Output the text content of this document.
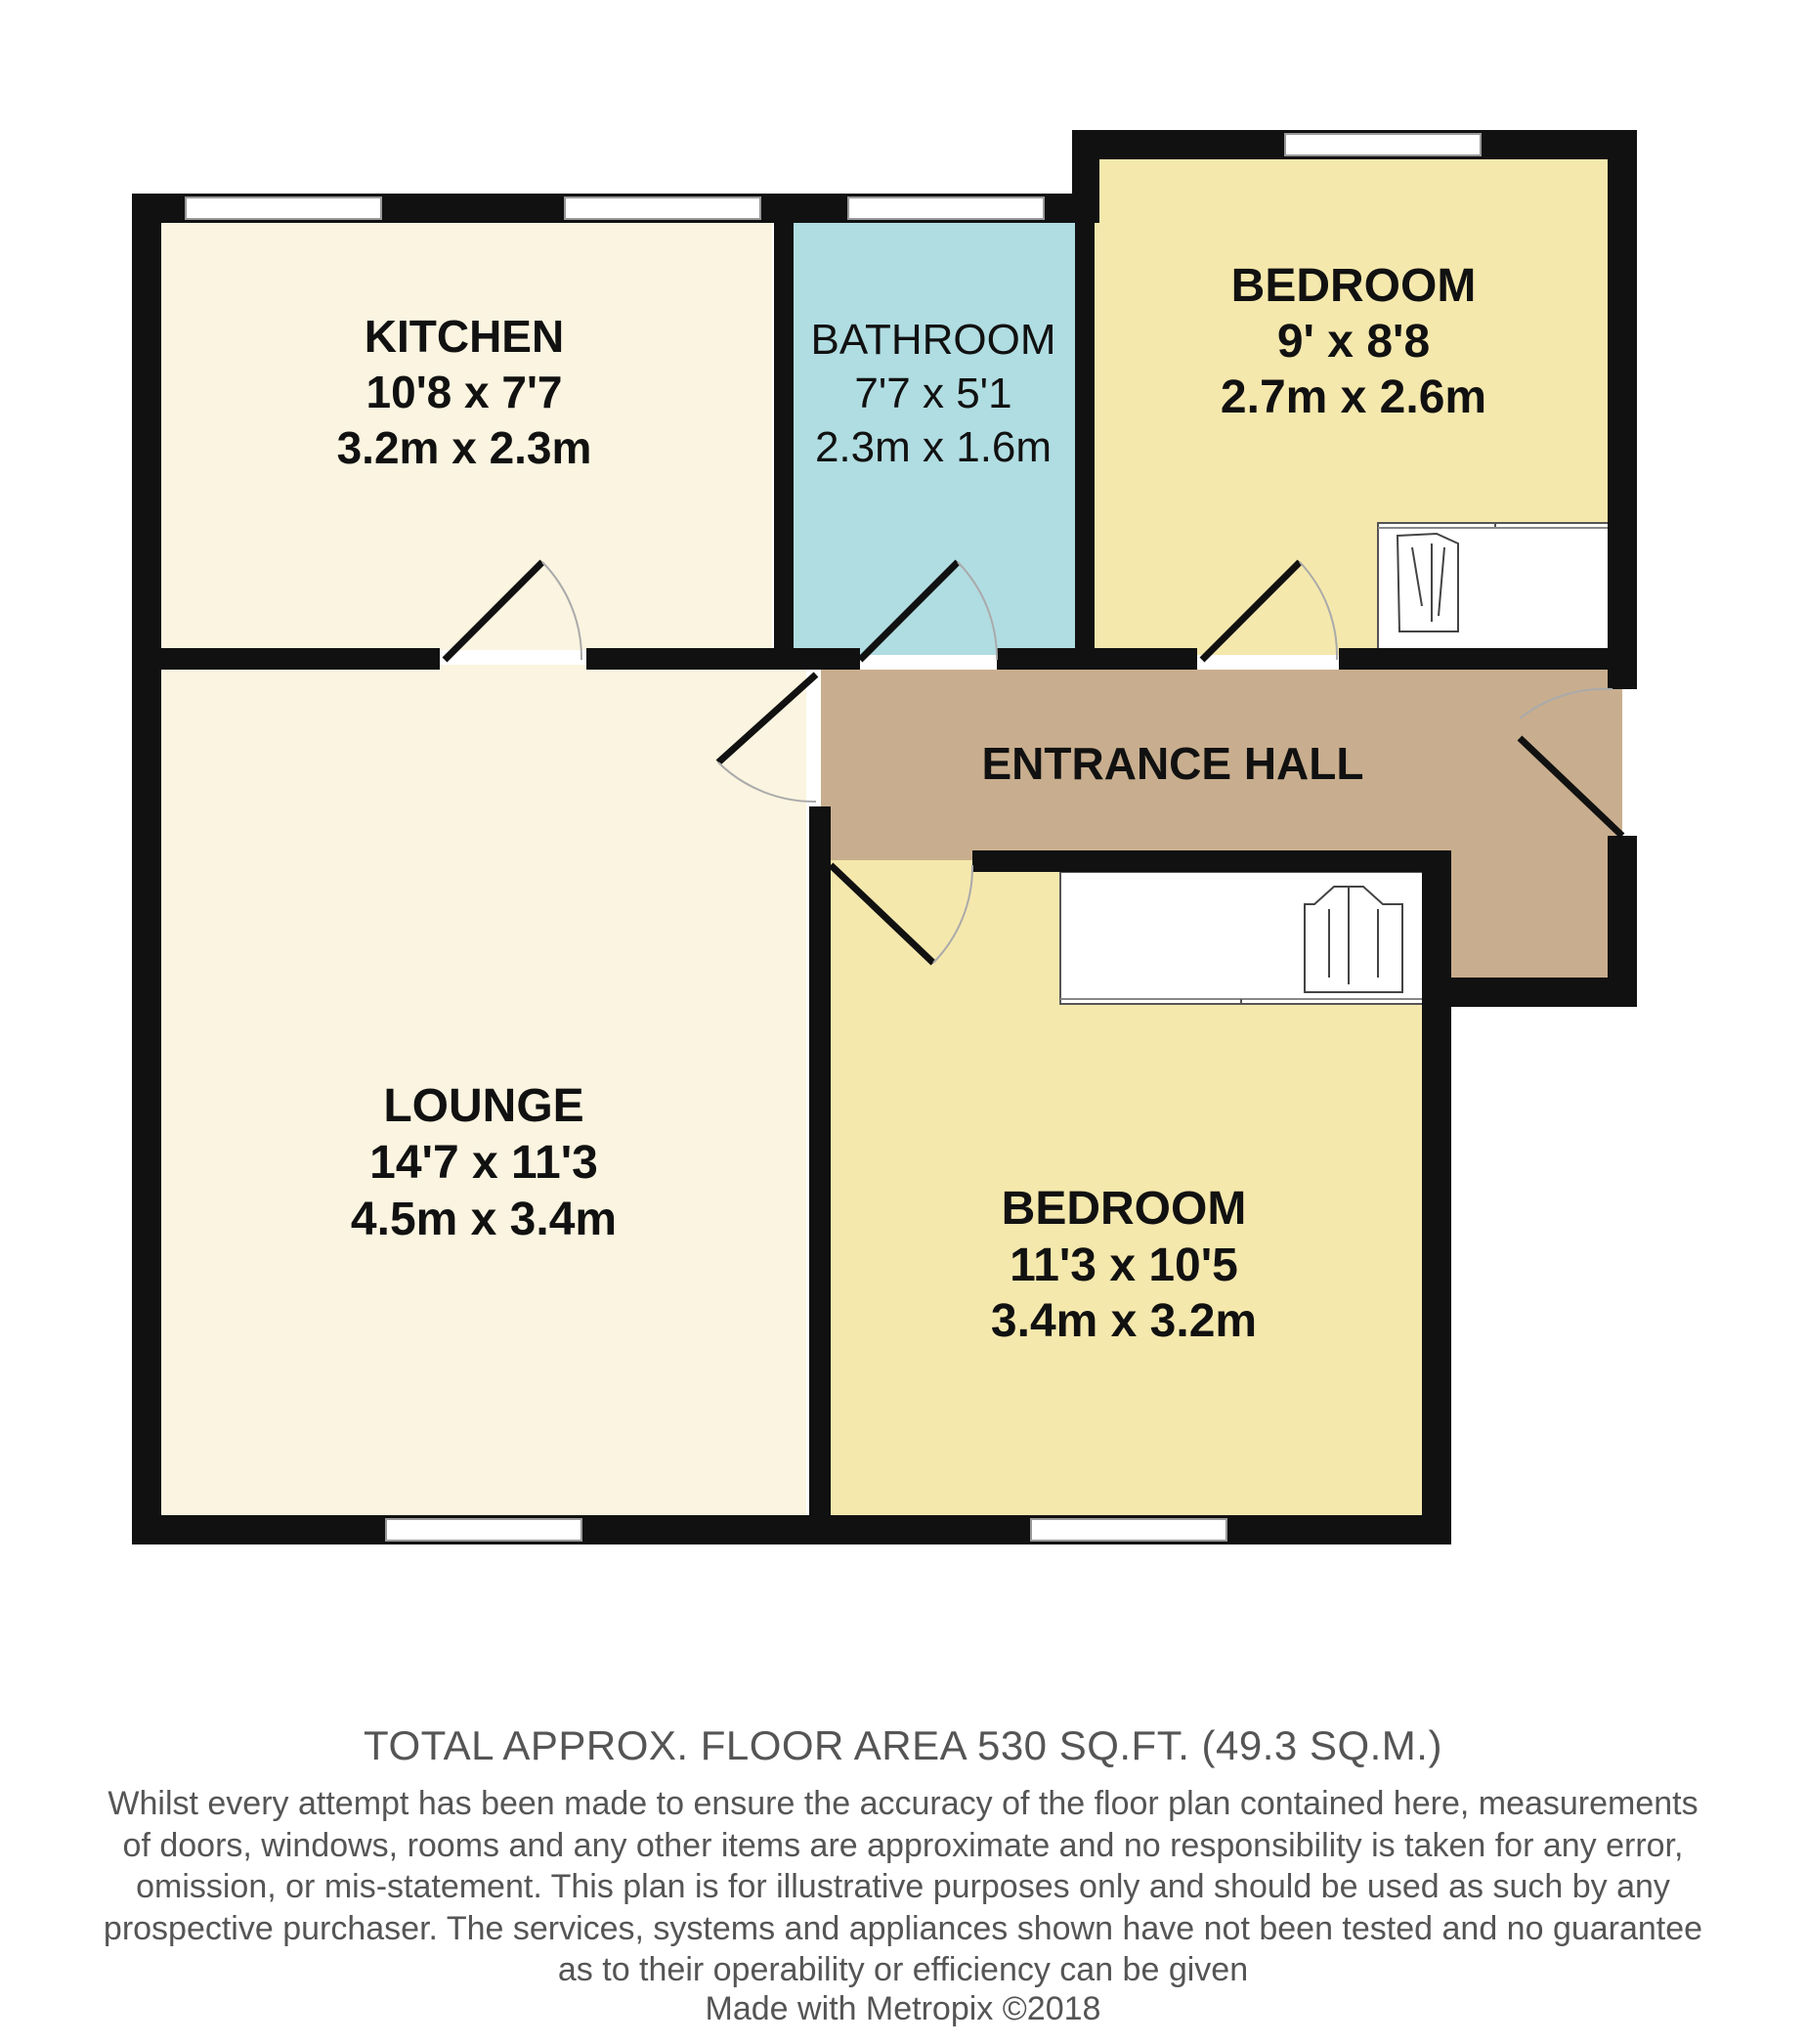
KITCHEN
10'8 x 7'7
3.2m x 2.3m
BATHROOM
7'7 x 5'1
2.3m x 1.6m
BEDROOM
9' x 8'8
2.7m x 2.6m
ENTRANCE HALL
LOUNGE
14'7 x 11'3
4.5m x 3.4m	BEDROOM
11'3 x 10'5
3.4m x 3.2m
TOTAL APPROX. FLOOR AREA 530 SQ.FT. (49.3 SQ.M.)
Whilst every attempt has been made to ensure the accuracy of the floor plan contained here, measurements
of doors, windows, rooms and any other items are approximate and no responsibility is taken for any error,
omission, or mis-statement. This plan is for illustrative purposes only and should be used as such by any
prospective purchaser. The services, systems and appliances shown have not been tested and no guarantee
as to their operability or efficiency can be given
Made with Metropix ©2018
